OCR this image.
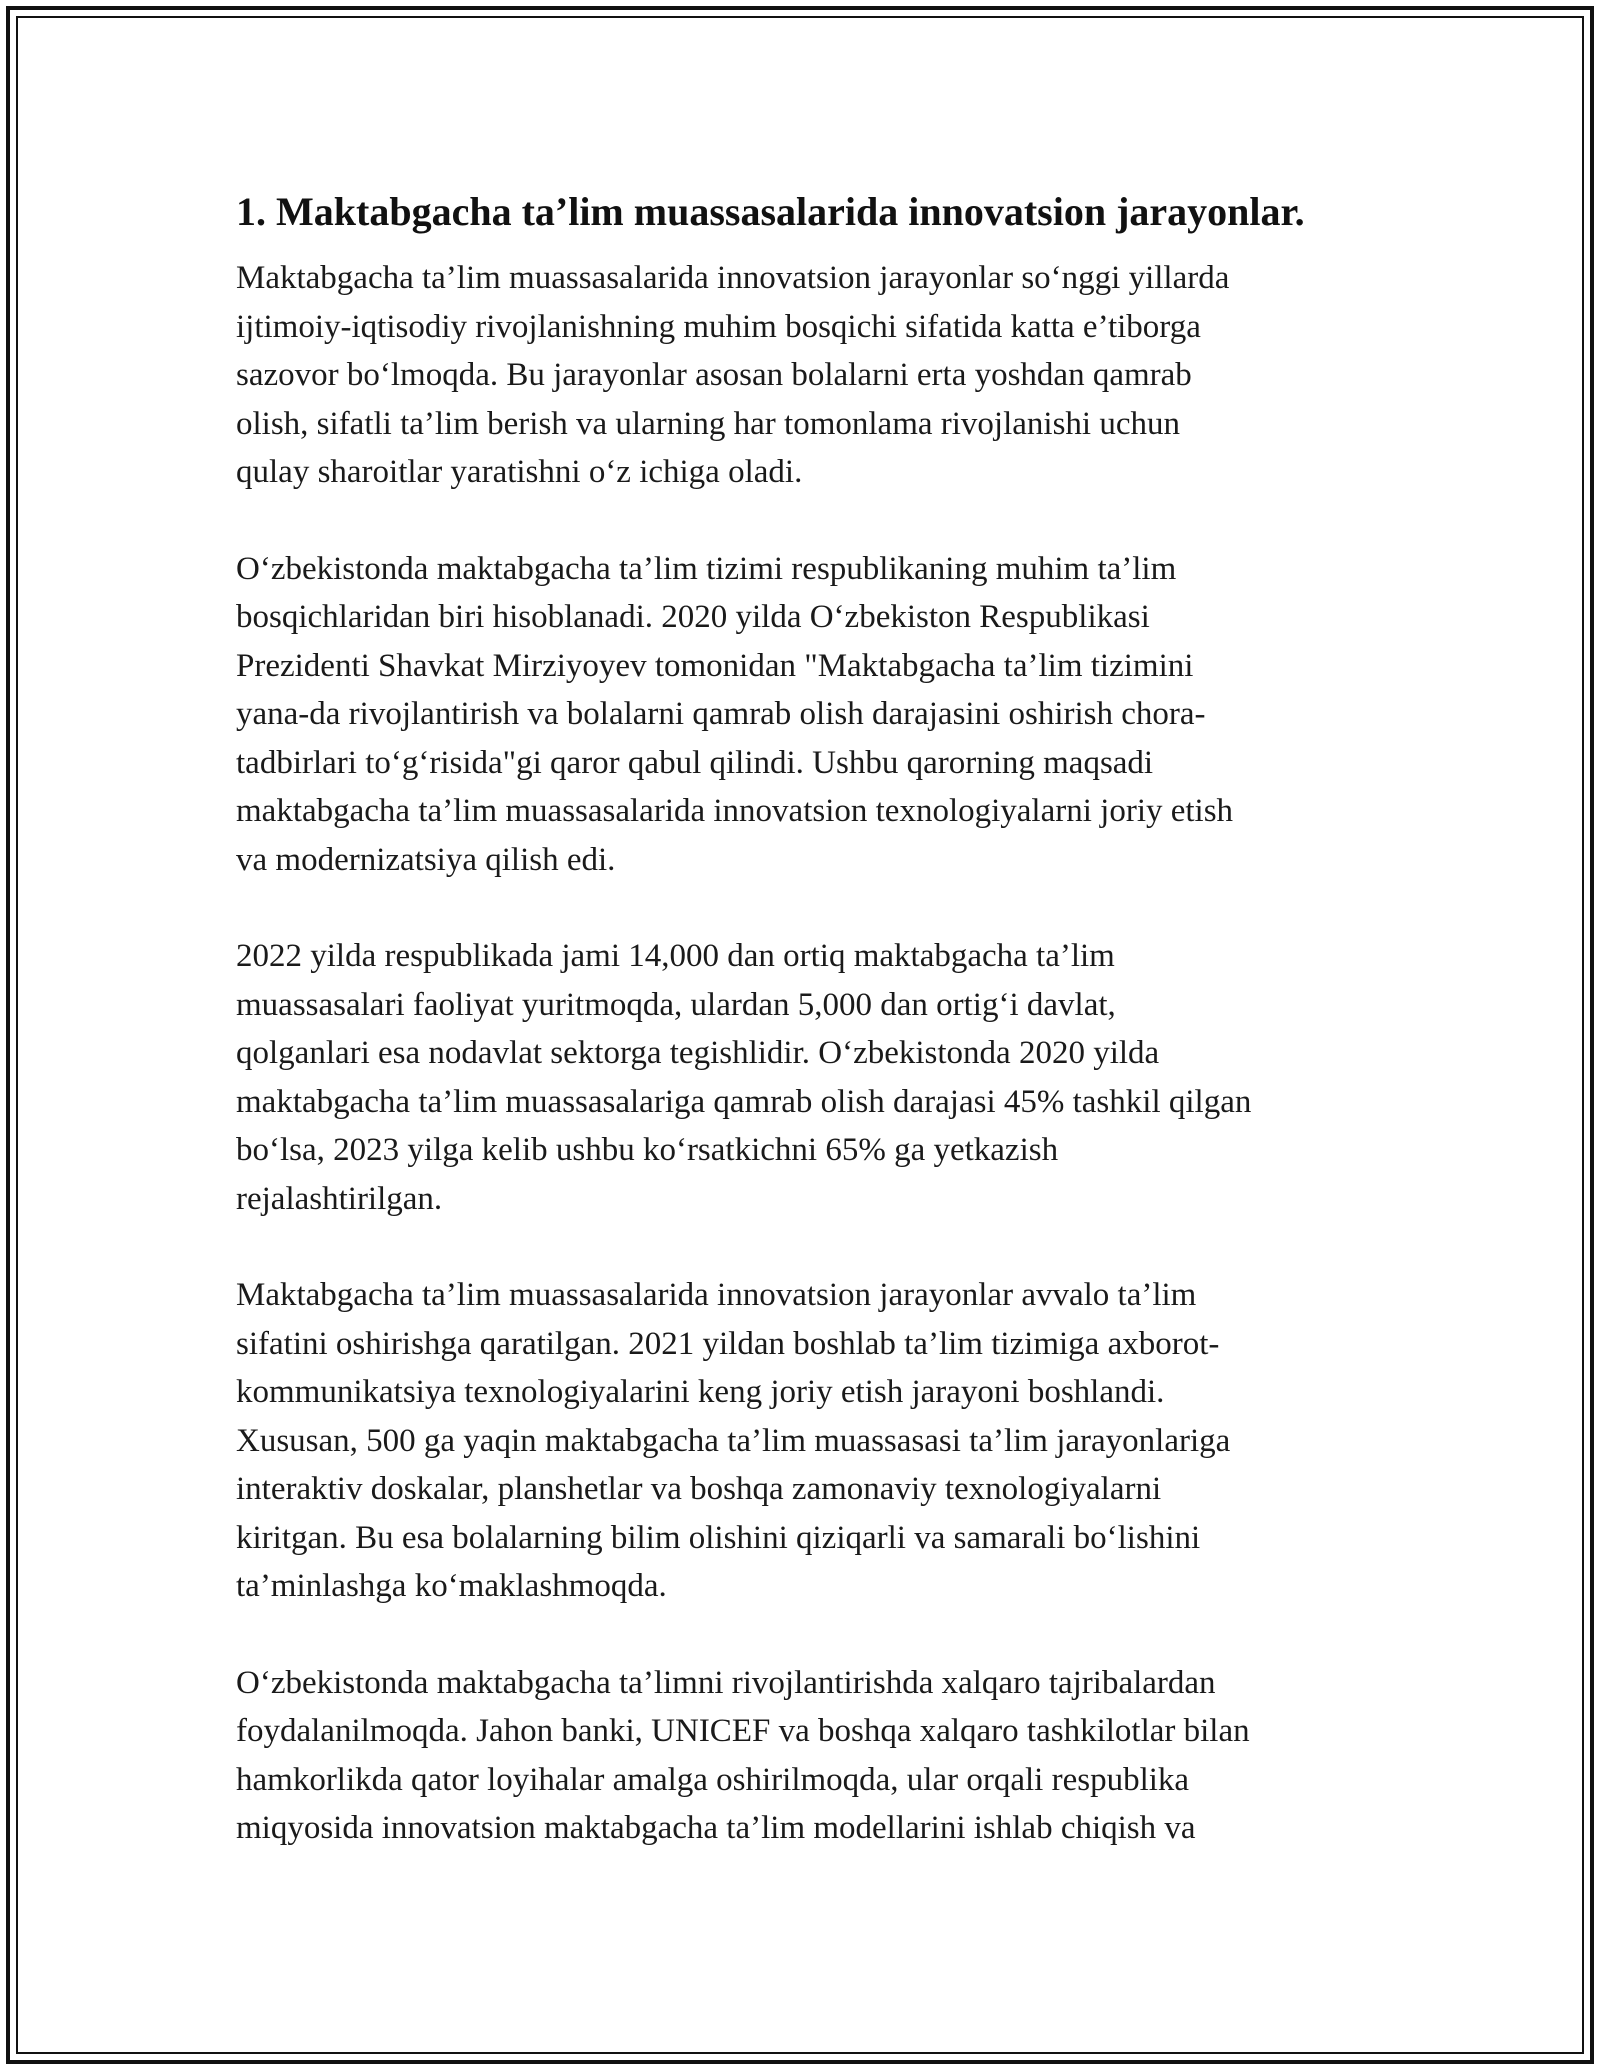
1. Maktabgacha ta’lim muassasalarida innovatsion jarayonlar.
Maktabgacha ta’lim muassasalarida innovatsion jarayonlar so‘nggi yillarda
ijtimoiy-iqtisodiy rivojlanishning muhim bosqichi sifatida katta e’tiborga
sazovor bo‘lmoqda. Bu jarayonlar asosan bolalarni erta yoshdan qamrab
olish, sifatli ta’lim berish va ularning har tomonlama rivojlanishi uchun
qulay sharoitlar yaratishni o‘z ichiga oladi.
O‘zbekistonda maktabgacha ta’lim tizimi respublikaning muhim ta’lim
bosqichlaridan biri hisoblanadi. 2020 yilda O‘zbekiston Respublikasi
Prezidenti Shavkat Mirziyoyev tomonidan "Maktabgacha ta’lim tizimini
yana-da rivojlantirish va bolalarni qamrab olish darajasini oshirish chora-
tadbirlari to‘g‘risida"gi qaror qabul qilindi. Ushbu qarorning maqsadi
maktabgacha ta’lim muassasalarida innovatsion texnologiyalarni joriy etish
va modernizatsiya qilish edi.
2022 yilda respublikada jami 14,000 dan ortiq maktabgacha ta’lim
muassasalari faoliyat yuritmoqda, ulardan 5,000 dan ortig‘i davlat,
qolganlari esa nodavlat sektorga tegishlidir. O‘zbekistonda 2020 yilda
maktabgacha ta’lim muassasalariga qamrab olish darajasi 45% tashkil qilgan
bo‘lsa, 2023 yilga kelib ushbu ko‘rsatkichni 65% ga yetkazish
rejalashtirilgan.
Maktabgacha ta’lim muassasalarida innovatsion jarayonlar avvalo ta’lim
sifatini oshirishga qaratilgan. 2021 yildan boshlab ta’lim tizimiga axborot-
kommunikatsiya texnologiyalarini keng joriy etish jarayoni boshlandi.
Xususan, 500 ga yaqin maktabgacha ta’lim muassasasi ta’lim jarayonlariga
interaktiv doskalar, planshetlar va boshqa zamonaviy texnologiyalarni
kiritgan. Bu esa bolalarning bilim olishini qiziqarli va samarali bo‘lishini
ta’minlashga ko‘maklashmoqda.
O‘zbekistonda maktabgacha ta’limni rivojlantirishda xalqaro tajribalardan
foydalanilmoqda. Jahon banki, UNICEF va boshqa xalqaro tashkilotlar bilan
hamkorlikda qator loyihalar amalga oshirilmoqda, ular orqali respublika
miqyosida innovatsion maktabgacha ta’lim modellarini ishlab chiqish va
